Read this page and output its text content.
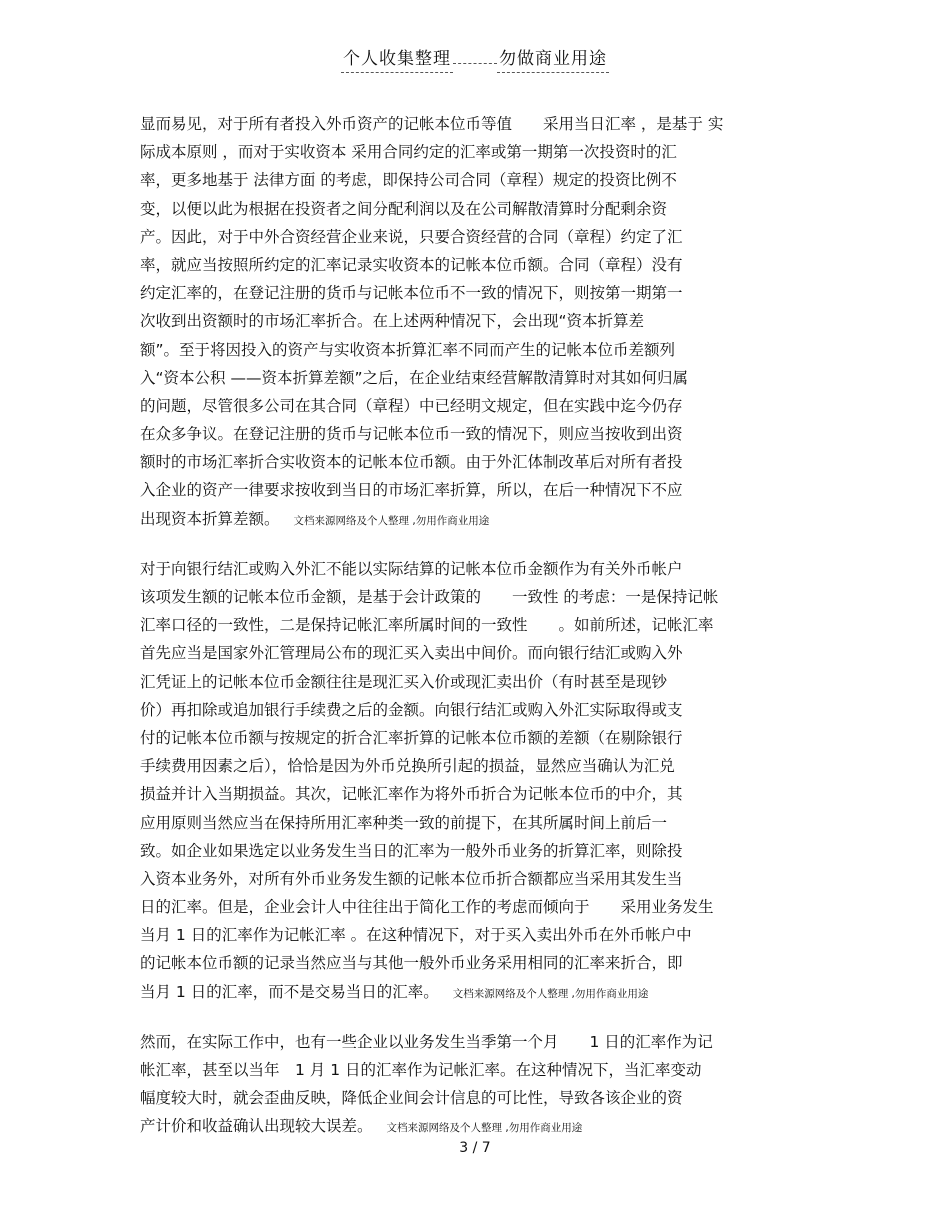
个人收集整理	勿做商业用途
显而易见，对于所有者投入外币资产的记帐本位币等值　　采用当日汇率 ，是基于 实
际成本原则 ，而对于实收资本 采用合同约定的汇率或第一期第一次投资时的汇
率，更多地基于 法律方面 的考虑，即保持公司合同（章程）规定的投资比例不
变，以便以此为根据在投资者之间分配利润以及在公司解散清算时分配剩余资
产。因此，对于中外合资经营企业来说，只要合资经营的合同（章程）约定了汇
率，就应当按照所约定的汇率记录实收资本的记帐本位币额。合同（章程）没有
约定汇率的，在登记注册的货币与记帐本位币不一致的情况下，则按第一期第一
次收到出资额时的市场汇率折合。在上述两种情况下，会出现“资本折算差
额”。至于将因投入的资产与实收资本折算汇率不同而产生的记帐本位币差额列
入“资本公积 ——资本折算差额”之后，在企业结束经营解散清算时对其如何归属
的问题，尽管很多公司在其合同（章程）中已经明文规定，但在实践中迄今仍存
在众多争议。在登记注册的货币与记帐本位币一致的情况下，则应当按收到出资
额时的市场汇率折合实收资本的记帐本位币额。由于外汇体制改革后对所有者投
入企业的资产一律要求按收到当日的市场汇率折算，所以，在后一种情况下不应
出现资本折算差额。 文档来源网络及个人整理 ,勿用作商业用途
对于向银行结汇或购入外汇不能以实际结算的记帐本位币金额作为有关外币帐户
该项发生额的记帐本位币金额，是基于会计政策的　　一致性 的考虑：一是保持记帐
汇率口径的一致性，二是保持记帐汇率所属时间的一致性　　。如前所述，记帐汇率
首先应当是国家外汇管理局公布的现汇买入卖出中间价。而向银行结汇或购入外
汇凭证上的记帐本位币金额往往是现汇买入价或现汇卖出价（有时甚至是现钞
价）再扣除或追加银行手续费之后的金额。向银行结汇或购入外汇实际取得或支
付的记帐本位币额与按规定的折合汇率折算的记帐本位币额的差额（在剔除银行
手续费用因素之后），恰恰是因为外币兑换所引起的损益，显然应当确认为汇兑
损益并计入当期损益。其次，记帐汇率作为将外币折合为记帐本位币的中介，其
应用原则当然应当在保持所用汇率种类一致的前提下，在其所属时间上前后一
致。如企业如果选定以业务发生当日的汇率为一般外币业务的折算汇率，则除投
入资本业务外，对所有外币业务发生额的记帐本位币折合额都应当采用其发生当
日的汇率。但是，企业会计人中往往出于简化工作的考虑而倾向于　　采用业务发生
当月 1 日的汇率作为记帐汇率 。在这种情况下，对于买入卖出外币在外币帐户中
的记帐本位币额的记录当然应当与其他一般外币业务采用相同的汇率来折合，即
当月 1 日的汇率，而不是交易当日的汇率。 文档来源网络及个人整理 ,勿用作商业用途
然而，在实际工作中，也有一些企业以业务发生当季第一个月　　1 日的汇率作为记
帐汇率，甚至以当年　1 月 1 日的汇率作为记帐汇率。在这种情况下，当汇率变动
幅度较大时，就会歪曲反映，降低企业间会计信息的可比性，导致各该企业的资
产计价和收益确认出现较大误差。 文档来源网络及个人整理 ,勿用作商业用途
3 / 7
